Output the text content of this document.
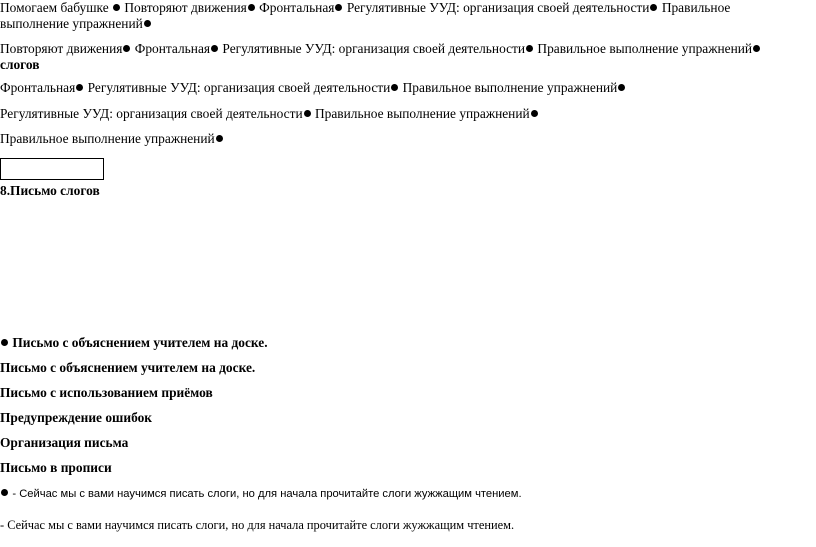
Помогаем бабушке Повторяют движения Фронтальная Регулятивные УУД: организация своей деятельности Правильное выполнение упражнений
Повторяют движения Фронтальная Регулятивные УУД: организация своей деятельности Правильное выполнение упражнений
слогов
Фронтальная Регулятивные УУД: организация своей деятельности Правильное выполнение упражнений
Регулятивные УУД: организация своей деятельности Правильное выполнение упражнений
Правильное выполнение упражнений
8.Письмо слогов
Письмо с объяснением учителем на доске.
Письмо с объяснением учителем на доске.
Письмо с использованием приёмов
Предупреждение ошибок
Организация письма
Письмо в прописи
- Сейчас мы с вами научимся писать слоги, но для начала прочитайте слоги жужжащим чтением.
- Сейчас мы с вами научимся писать слоги, но для начала прочитайте слоги жужжащим чтением.
